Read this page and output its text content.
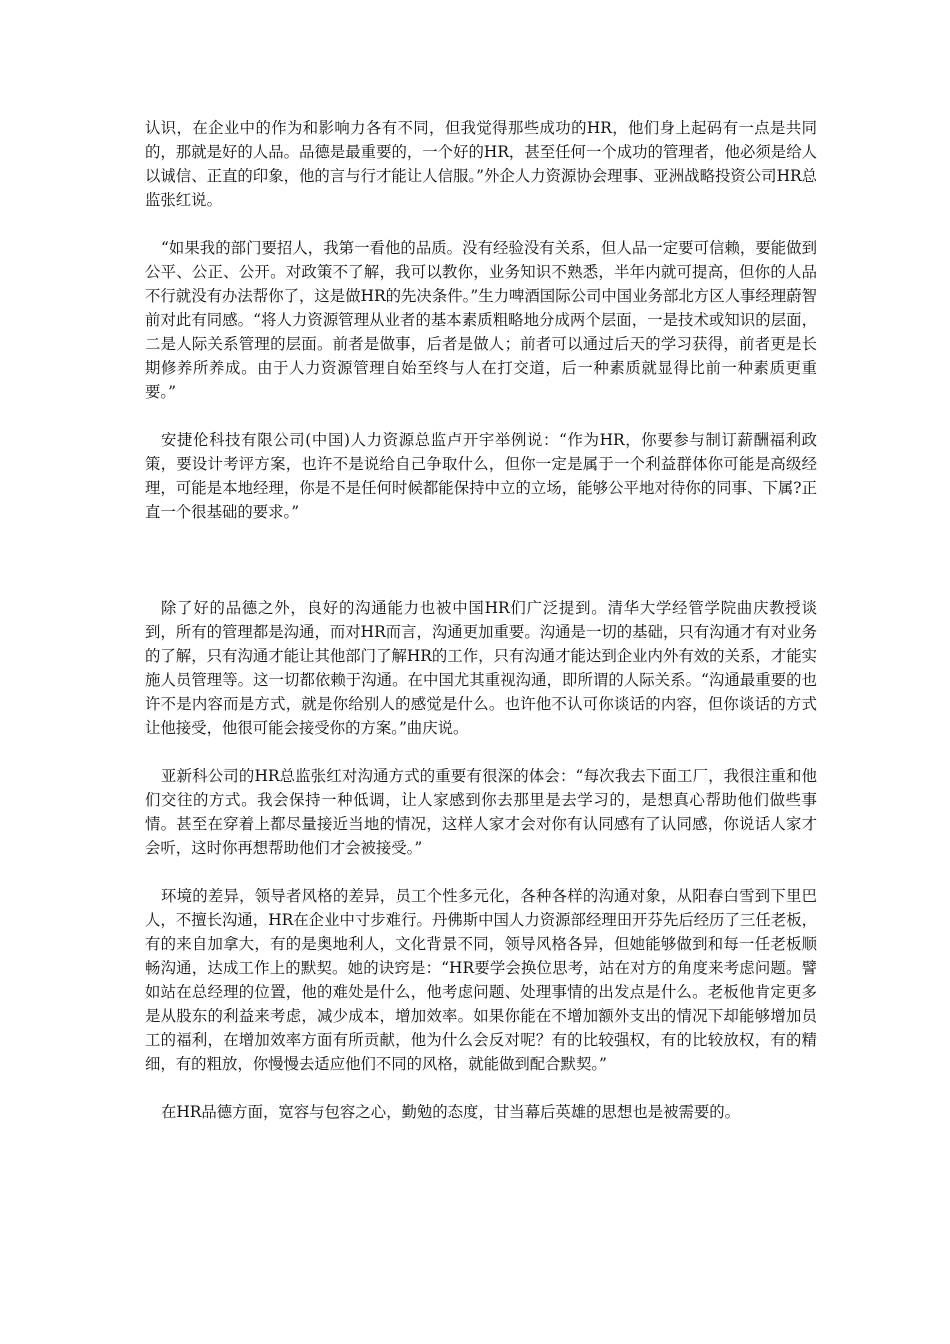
认识，在企业中的作为和影响力各有不同，但我觉得那些成功的HR，他们身上起码有一点是共同的，那就是好的人品。品德是最重要的，一个好的HR，甚至任何一个成功的管理者，他必须是给人以诚信、正直的印象，他的言与行才能让人信服。”外企人力资源协会理事、亚洲战略投资公司HR总监张红说。

“如果我的部门要招人，我第一看他的品质。没有经验没有关系，但人品一定要可信赖，要能做到公平、公正、公开。对政策不了解，我可以教你，业务知识不熟悉，半年内就可提高，但你的人品不行就没有办法帮你了，这是做HR的先决条件。”生力啤酒国际公司中国业务部北方区人事经理蔚智前对此有同感。“将人力资源管理从业者的基本素质粗略地分成两个层面，一是技术或知识的层面，二是人际关系管理的层面。前者是做事，后者是做人；前者可以通过后天的学习获得，前者更是长期修养所养成。由于人力资源管理自始至终与人在打交道，后一种素质就显得比前一种素质更重要。”

安捷伦科技有限公司(中国)人力资源总监卢开宇举例说：“作为HR，你要参与制订薪酬福利政策，要设计考评方案，也许不是说给自己争取什么，但你一定是属于一个利益群体你可能是高级经理，可能是本地经理，你是不是任何时候都能保持中立的立场，能够公平地对待你的同事、下属?正直一个很基础的要求。”

除了好的品德之外，良好的沟通能力也被中国HR们广泛提到。清华大学经管学院曲庆教授谈到，所有的管理都是沟通，而对HR而言，沟通更加重要。沟通是一切的基础，只有沟通才有对业务的了解，只有沟通才能让其他部门了解HR的工作，只有沟通才能达到企业内外有效的关系，才能实施人员管理等。这一切都依赖于沟通。在中国尤其重视沟通，即所谓的人际关系。“沟通最重要的也许不是内容而是方式，就是你给别人的感觉是什么。也许他不认可你谈话的内容，但你谈话的方式让他接受，他很可能会接受你的方案。”曲庆说。

亚新科公司的HR总监张红对沟通方式的重要有很深的体会：“每次我去下面工厂，我很注重和他们交往的方式。我会保持一种低调，让人家感到你去那里是去学习的，是想真心帮助他们做些事情。甚至在穿着上都尽量接近当地的情况，这样人家才会对你有认同感有了认同感，你说话人家才会听，这时你再想帮助他们才会被接受。”

环境的差异，领导者风格的差异，员工个性多元化，各种各样的沟通对象，从阳春白雪到下里巴人，不擅长沟通，HR在企业中寸步难行。丹佛斯中国人力资源部经理田开芬先后经历了三任老板，有的来自加拿大，有的是奥地利人，文化背景不同，领导风格各异，但她能够做到和每一任老板顺畅沟通，达成工作上的默契。她的诀窍是：“HR要学会换位思考，站在对方的角度来考虑问题。譬如站在总经理的位置，他的难处是什么，他考虑问题、处理事情的出发点是什么。老板他肯定更多是从股东的利益来考虑，减少成本，增加效率。如果你能在不增加额外支出的情况下却能够增加员工的福利，在增加效率方面有所贡献，他为什么会反对呢？有的比较强权，有的比较放权，有的精细，有的粗放，你慢慢去适应他们不同的风格，就能做到配合默契。”

在HR品德方面，宽容与包容之心，勤勉的态度，甘当幕后英雄的思想也是被需要的。
